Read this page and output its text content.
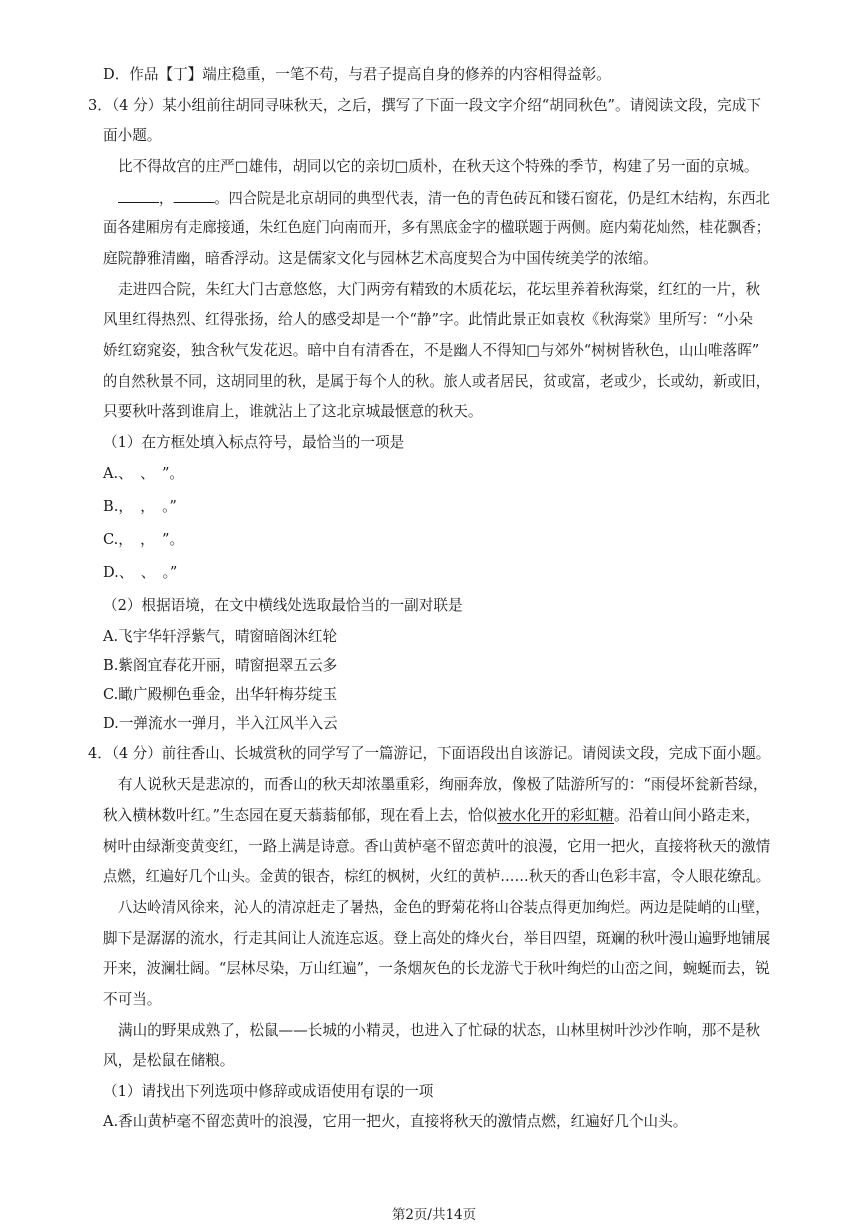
D．作品【丁】端庄稳重，一笔不苟，与君子提高自身的修养的内容相得益彰。
3．（4 分）某小组前往胡同寻味秋天，之后，撰写了下面一段文字介绍“胡同秋色”。请阅读文段，完成下
面小题。
比不得故宫的庄严□雄伟，胡同以它的亲切□质朴，在秋天这个特殊的季节，构建了另一面的京城。
，	。四合院是北京胡同的典型代表，清一色的青色砖瓦和镂石窗花，仍是红木结构，东西北
面各建厢房有走廊接通，朱红色庭门向南而开，多有黑底金字的楹联题于两侧。庭内菊花灿然，桂花飘香；
庭院静雅清幽，暗香浮动。这是儒家文化与园林艺术高度契合为中国传统美学的浓缩。
走进四合院，朱红大门古意悠悠，大门两旁有精致的木质花坛，花坛里养着秋海棠，红红的一片，秋
风里红得热烈、红得张扬，给人的感受却是一个“静”字。此情此景正如袁枚《秋海棠》里所写：“小朵
娇红窈窕姿，独含秋气发花迟。暗中自有清香在，不是幽人不得知□与郊外“树树皆秋色，山山唯落晖”
的自然秋景不同，这胡同里的秋，是属于每个人的秋。旅人或者居民，贫或富，老或少，长或幼，新或旧，
只要秋叶落到谁肩上，谁就沾上了这北京城最惬意的秋天。
（1）在方框处填入标点符号，最恰当的一项是
A.、　、　”。
B.，　，　。”
C.，　，　”。
D.、　、　。”
（2）根据语境，在文中横线处选取最恰当的一副对联是
A.飞宇华轩浮紫气，晴窗暗阁沐红轮
B.紫阁宜春花开丽，晴窗挹翠五云多
C.瞰广殿柳色垂金，出华轩梅芬绽玉
D.一弹流水一弹月，半入江风半入云
4．（4 分）前往香山、长城赏秋的同学写了一篇游记，下面语段出自该游记。请阅读文段，完成下面小题。
有人说秋天是悲凉的，而香山的秋天却浓墨重彩，绚丽奔放，像极了陆游所写的：“雨侵坏瓮新苔绿，
秋入横林数叶红。”生态园在夏天蓊蓊郁郁，现在看上去，恰似被水化开的彩虹糖。沿着山间小路走来，
树叶由绿渐变黄变红，一路上满是诗意。香山黄栌毫不留恋黄叶的浪漫，它用一把火，直接将秋天的激情
点燃，红遍好几个山头。金黄的银杏，棕红的枫树，火红的黄栌……秋天的香山色彩丰富，令人眼花缭乱。
八达岭清风徐来，沁人的清凉赶走了暑热，金色的野菊花将山谷装点得更加绚烂。两边是陡峭的山壁，
脚下是潺潺的流水，行走其间让人流连忘返。登上高处的烽火台，举目四望，斑斓的秋叶漫山遍野地铺展
开来，波澜壮阔。“层林尽染，万山红遍”，一条烟灰色的长龙游弋于秋叶绚烂的山峦之间，蜿蜒而去，锐
不可当。
满山的野果成熟了，松鼠——长城的小精灵，也进入了忙碌的状态，山林里树叶沙沙作响，那不是秋
风，是松鼠在储粮。
（1）请找出下列选项中修辞或成语使用有误的一项
A.香山黄栌毫不留恋黄叶的浪漫，它用一把火，直接将秋天的激情点燃，红遍好几个山头。
第2页/共14页
